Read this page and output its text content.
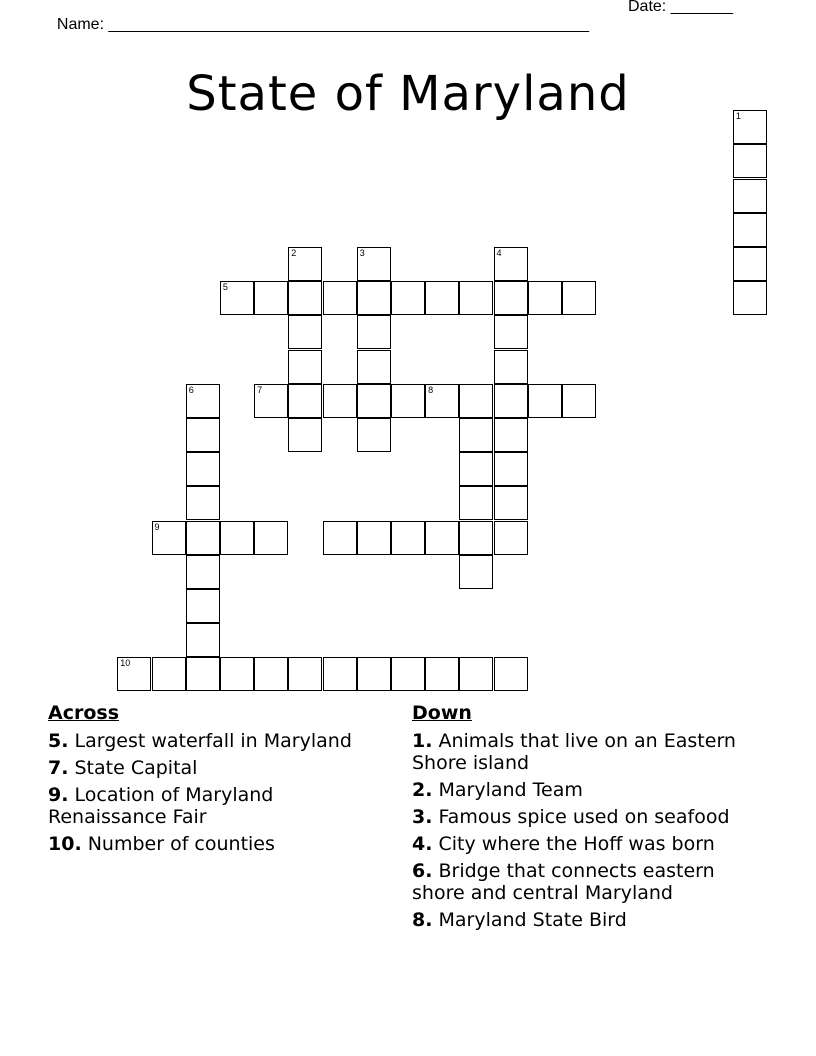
Name: ______________________________________________________

Date: _______

State of Maryland	1
5
2	3	4
7	8
6
9
10
Across
5. Largest waterfall in Maryland
7. State Capital
9. Location of Maryland Renaissance Fair
10. Number of counties
Down
1. Animals that live on an Eastern Shore island
2. Maryland Team
3. Famous spice used on seafood
4. City where the Hoff was born
6. Bridge that connects eastern shore and central Maryland
8. Maryland State Bird
